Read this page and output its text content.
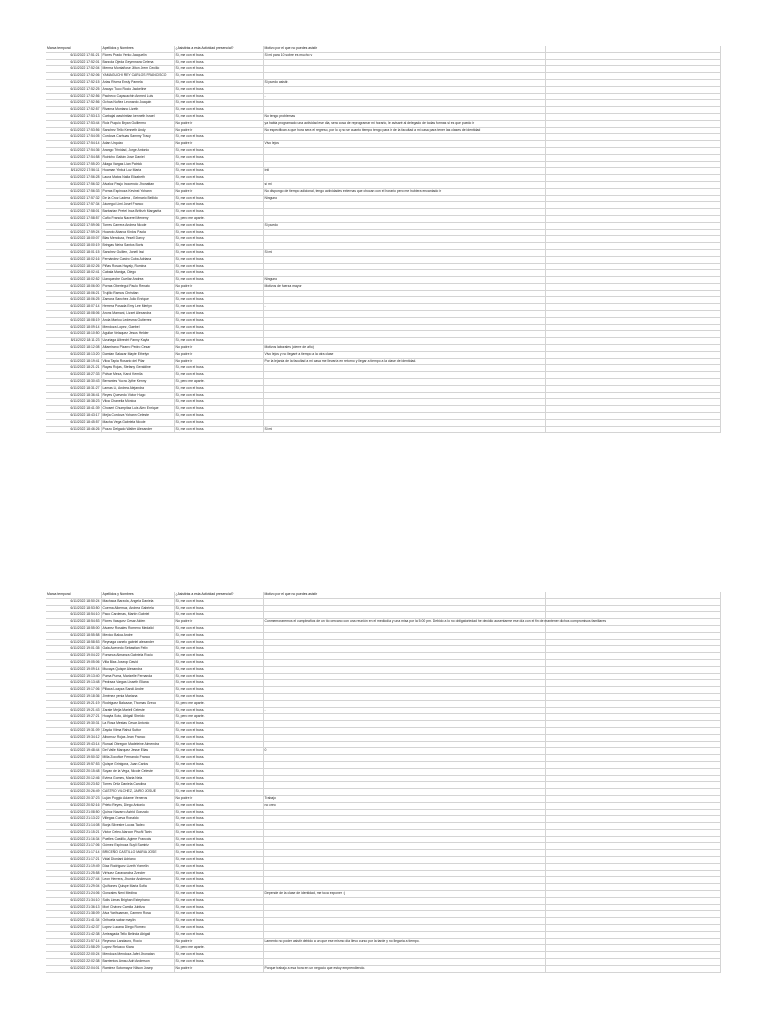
Marca temporal	Apellidos y Nombres	¿Asistirás a esta Actividad presencial?	Motivo por el que no puedes asistir	
6/11/2022 17:51:21	Flores Prado Yerko Jacquelin	Sí, me con el buss.	Si mi para 10 sobre es mucho v	
6/11/2022 17:52:01	Barzola Ojeda Geyennara Celena	Sí, me con el buss.		
6/11/2022 17:52:04	Merma Montañose Jilton Jrem Cecilio	Sí, me con el buss.		
6/11/2022 17:52:06	YAMAGUCHI REY CARLOS FRANCISCO	Sí, me con el buss.		
6/11/2022 17:52:15	Arias Rivera Ensly Pamela	Sí, me con el buss.	Si puedo asistir.	
6/11/2022 17:52:25	Arauyo Tuco Rocio Jackeline	Sí, me con el buss.		
6/11/2022 17:52:56	Pacheco Cayacachin Anmed Luis	Sí, me con el buss.	-	
6/11/2022 17:52:56	Ochoa Nuñez Leonardo Joaquin	Sí, me con el buss.		
6/11/2022 17:52:57	Rivarna Montano Lizeth	Sí, me con el buss.		
6/11/2022 17:53:13	Carbajal washinttan kenneth Israel	Sí, me con el buss.	No tengo problemas	
6/11/2022 17:53:44	Ruiz Puquio Bryan Guillermo	No podre ir	ya habia programado una actividad ese dia, sera cosa de reprogramar mi horario, le avisaré al delegado de todas formas si es que puedo ir	
6/11/2022 17:53:56	Sanchez Tello Kenneth Andy	No podre ir	No especifican a que hora sera el regreso, por lo q no se cuanto tiempo tengo para ir de la facultad a mi casa para tener las clases de identidad	
6/11/2022 17:54:05	Cordova Carhuas Sammy Tracy	Sí, me con el buss.		
6/11/2022 17:54:14	Adan Urquizo	No podre ir	Vivo lejos	
6/11/2022 17:54:36	Arango Trinidad, Jorge Antonio	Sí, me con el buss.		
6/11/2022 17:54:58	Ruiricho Gaitán Jose Daniel	Sí, me con el buss.		
6/11/2022 17:55:20	Aliaga Vargas Lian Patrick	Sí, me con el buss.		
8/11/2022 17:56:11	Huaman Yinkui Luz Maria	Sí, me con el buss.	Intl	
6/11/2022 17:56:28	Laura Matos Naila Elizabeth	Sí, me con el buss.		
6/11/2022 17:56:32	Alvaloz Pasjo Inocencio Jhonattan	Sí, me con el buss.	sí mi	
6/11/2022 17:56:33	Porras Espinoza Kevinst Yohann	No podre ir	No dispongo de tiempo adicional, tengo actividades externas que chocan con el horario pero me hubiera encantado ir	
6/11/2022 17:57:32	De la Cruz Ladera , Gelmario Bellido	Sí, me con el buss.	Ninguno	
6/11/2022 17:57:34	Jáuregui Limi Josef Franco	Sí, me con el buss.		
6/11/2022 17:58:01	Barbarian Pretel Inca Brithzh Margarita	Sí, me con el buss.		
6/11/2022 17:58:57	Caño Francia Nacerel Meneny	Sí, pero me aparte.		
6/11/2022 17:59:06	Torres Carrera Andrea Nicole	Sí, me con el buss.	Si puedo	
6/11/2022 17:59:24	Huaroto Abarca Kinlos Paola	Sí, me con el buss.		
6/11/2022 18:00:07	Blas Mendoza, Yesell Darvy	Sí, me con el buss.		
6/11/2022 18:00:19	Bringas Neira Santos Boris	Sí, me con el buss.		
6/11/2022 18:01:15	Sanchez Guillen, Jonell Issi	Sí, me con el buss.	Si mi	
6/11/2022 18:02:16	Fernández Castro Cuba Adriana	Sí, me con el buss.		
6/11/2022 18:02:26	Piñas Rosas Hayaly, Rumina	Sí, me con el buss.		
6/11/2022 18:02:41	Cabala Maniga, Diego	Sí, me con el buss.		
6/11/2022 18:02:52	Llanqueche Cuellar Andrea	Sí, me con el buss.	Ninguno	
6/11/2022 18:06:00	Porras Obertegui Paulo Renato	No podre ir	Motivos de fuerza mayor	
6/11/2022 18:06:21	Trujillo Ramos Christian	Sí, me con el buss.		
6/11/2022 18:06:25	Zamora Sanchez Julio Enrique	Sí, me con el buss.		
6/11/2022 18:07:14	Herrera Posada Emy Lee Merlyn	Sí, me con el buss.	-	
6/11/2022 18:08:06	Arons Mamani, Lizzet Alexandra	Sí, me con el buss.		
6/11/2022 18:08:19	Arola Mariou Ledesma Gutierrez	Sí, me con el buss.		
6/11/2022 18:09:14	Mendoza Lopez, Gaebel	Sí, me con el buss.		
6/11/2022 18:10:50	Aguilar Velaquez Jesus Helder	Sí, me con el buss.		
8/11/2022 18:11:23	Uzuriaga Albrecht Fanny Kayla	Sí, me con el buss.		
6/11/2022 18:12:08	Altamirano Pizarro Pedro Cesar	No podre ir	Motivos laborales (cierre de año)	
6/11/2022 18:13:20	Damian Salazar Mayte Ethelyn	No podre ir	Vivo lejos y no llegaré a tiempo a la otra clase	
6/11/2022 18:19:41	Vilca Tapia Rosario del Pilar	No podre ir	Por la lejanía de la facultad a mi casa me llevaría en retorno y llegar a tiempo a la clase de identidad.	
6/11/2022 18:21:21	Rayas Rojas, Stefany Geraldine	Sí, me con el buss.		
6/11/2022 18:27:33	Polvar Meza, Karol Kemila	Sí, me con el buss.		
6/11/2022 18:30:43	Berrantes Yucra Jythe Kenny	Sí, pero me aparte.		
6/11/2022 18:31:27	Lamas Li, Andrea Alejandra	Sí, me con el buss.		
6/11/2022 18:36:41	Reyes Quevedo Victor Hugo	Sí, me con el buss.		
6/11/2022 18:38:23	Vilca Chanelia Mónica	Sí, me con el buss.		
6/11/2022 18:41:39	Choseri Chumpitaz Luis Alex Enrique	Sí, me con el buss.		
6/11/2022 18:43:17	Mejia Cordova Yohann Celeste	Sí, me con el buss.		
6/11/2022 18:45:57	Macha Vega Gabriela Nicole	Sí, me con el buss.		
6/11/2022 18:46:26	Pozzo Delgado Walter Alexander	Sí, me con el buss.	Si mi	
Marca temporal	Apellidos y Nombres	¿Asistirás a esta Actividad presencial?	Motivo por el que no puedes asistir	
6/11/2022 18:50:24	Machaca Barzola, Angela Daniela	Sí, me con el buss.		
6/11/2022 18:53:50	Cuerna Alkemuz, Andrea Gabriela	Sí, me con el buss.		
6/11/2022 18:54:10	Paco Cardenas, Martín Gabriel	Sí, me con el buss.		
6/11/2022 18:54:53	Flores Vasquez Cesar Alden	No podre ir	Conmemoraremos el cumpleaños de un tío cercano con una reunión en el mediodía y una misa por la 5:00 pm. Debido a lo no obligatoriedad he decidio ausentarme ese día con el fin de mantener dichos compromisos familiares	
6/11/2022 18:55:00	Alvarez Rosales Romeno Medalid	Sí, me con el buss.		
6/11/2022 18:55:58	Mexico Baloa Andre	Sí, me con el buss.		
6/11/2022 18:58:53	Reynaga canelo gabriel alexander	Sí, me con el buss.		
6/11/2022 19:01:35	Gala Acevedo Sebastian Felix	Sí, me con el buss.		
6/11/2022 19:04:22	Fonseca Almanza Gabriela Rocio	Sí, me con el buss.		
6/11/2022 19:05:06	Villa Blas Joseop David	Sí, me con el buss.		
6/11/2022 19:09:14	Mucaya Quispe Alexandra	Sí, me con el buss.		
6/11/2022 19:13:40	Puma Puma, Marizelle Fernanda	Sí, me con el buss.		
6/11/2022 19:13:48	Pedraza Vargas Lisseth Eliana	Sí, me con el buss.		
6/11/2022 19:17:06	Pillaca Loayza Sandi Andre	Sí, me con el buss.		
6/11/2022 19:18:36	Jiménez yenia Mariana	Sí, me con el buss.		
6/11/2022 19:21:19	Rodriguez Balcazar, Thomas Greco	Sí, pero me aparte.		
6/11/2022 19:21:43	Zarate Mejia Mariell Celeste	Sí, me con el buss.	-	
6/11/2022 19:27:21	Huayta Soto, Abigail Sheido	Sí, pero me aparte.		
6/11/2022 19:30:31	La Rosa Mestas Cesar Antonio	Sí, me con el buss.		
6/11/2022 19:31:09	Zayda Vilma Rahui Suttor	Sí, me con el buss.		
6/11/2022 19:34:12	Albornoz Rojas Jean Franco	Sí, me con el buss.		
6/11/2022 19:43:14	Runcal Obregon Madeleine Almendra	Sí, me con el buss.		
6/11/2022 19:48:44	Del Valle Marquez Jesse Elias	Sí, me con el buss.	0	
6/11/2022 19:50:32	Milla Zocofice Fernando Franco	Sí, me con el buss.		
6/11/2022 19:57:53	Quispe Grinigora, Juan Carlos	Sí, me con el buss.		
6/11/2022 20:15:48	Soyan de la Vega, Nicole Celeste	Sí, me con el buss.		
6/11/2022 20:12:46	Eviera Gomes, Maria Nela	Sí, me con el buss.		
6/11/2022 20:23:52	Torres Ortiz Daniela Carolina	Sí, me con el buss.		
6/11/2022 20:26:49	CASTRO VILCHEZ, JAIRO JOSUE	Sí, me con el buss.		
6/11/2022 20:37:23	Luján Poggio Adame Veneros	No podre ir	Trabajo	
6/11/2022 20:52:16	Prieto Reyes, Diego Antonio	Sí, me con el buss.	no creo	
6/11/2022 21:08:50	Quiroz Navarro Astrid Gonzalo	Sí, me con el buss.		
6/11/2022 21:13:22	Villegas Cueva Ronaldo	Sí, me con el buss.		
6/11/2022 21:14:08	Borja Silvestre Lucas Tadeo	Sí, me con el buss.		
6/11/2022 21:15:21	Victor Celeo Alarcon Pisoñi Tarin	Sí, me con el buss.		
6/11/2022 21:16:34	Puelles Castillo, Agiere Francois	Sí, me con el buss.		
6/11/2022 21:17:06	Gómez Espinoza Suyli Samiriz	Sí, me con el buss.		
6/11/2022 21:17:14	BRICEÑO CASTILLO MARIA JOSE	Sí, me con el buss.		
6/11/2022 21:17:21	Vidal Dioniani Adriano	Sí, me con el buss.		
6/11/2022 21:19:49	Diaz Rodriguez Lizeth Yomelin	Sí, me con el buss.		
6/11/2022 21:25:58	Virhuez Caravancha Zzecler	Sí, me con el buss.		
6/11/2022 21:27:44	Leon Herrera, Jhunior Anderson	Sí, me con el buss.		
6/11/2022 21:29:04	Quiñones Quispe Maria Sofia	Sí, me con el buss.		
6/11/2022 21:24:06	Gonzales Neni Medina	Sí, me con el buss.	Depende de la clase de identidad, me toca exponer :(	
6/11/2022 21:34:10	Solis Limas Brighan Estephano	Sí, me con el buss.		
6/11/2022 21:36:13	Mori Chávez Camila Jubitza	Sí, me con el buss.		
6/11/2022 21:38:09	Alva Yarihuaman, Carmen Rosa	Sí, me con el buss.		
6/11/2022 21:41:34	Orihuela sabar maylin	Sí, me con el buss.		
6/11/2022 21:42:37	Lopez Lucana Diego Romeo	Sí, me con el buss.		
6/11/2022 21:42:38	Arrieagada Tello Belinda Abigail	Sí, me con el buss.		
6/11/2022 21:57:14	Reynoso Landauro, Rocío	No podre ir	Lamento no poder asistir debido a un que ese mismo día llevo curso por la tarde y no llegaría a tiempo.	
6/11/2022 21:58:29	Lopez Reluzco Kiara	Sí, pero me aparte.		
6/11/2022 22:00:24	Mendoza Mendoza Jafet Jhonatan	Sí, me con el buss.		
6/11/2022 22:02:38	Barrientos Amau Adri Anderson	Sí, me con el buss.		
6/11/2022 22:04:01	Ramirez Sotomayor Nilson Josep	No podre ir	Porque trabajo a esa hora en un negocio que estoy emprendiendo.	
